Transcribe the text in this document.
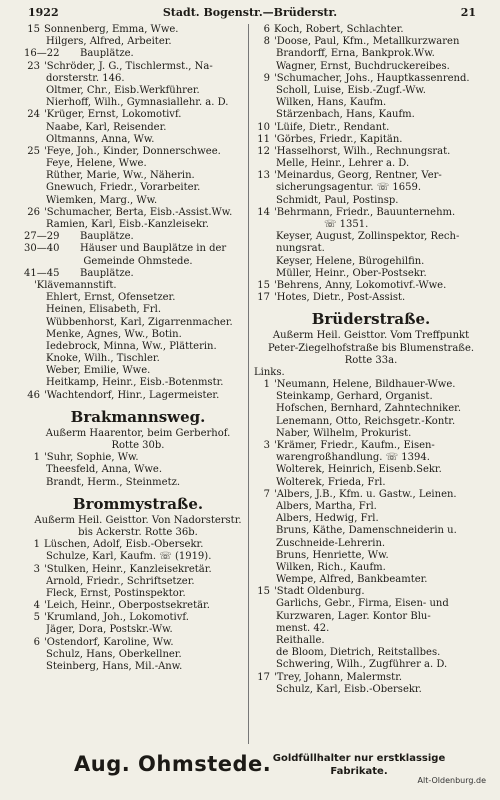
1922	Stadt. Bogenstr.—Brüderstr.	21
15 Sonnenberg, Emma, Wwe.
Hilgers, Alfred, Arbeiter.
16—22	Bauplätze.
23 'Schröder, J. G., Tischlermst., Na-
dorsterstr. 146.
Oltmer, Chr., Eisb.Werkführer.
Nierhoff, Wilh., Gymnasiallehr. a. D.
24 'Krüger, Ernst, Lokomotivf.
Naabe, Karl, Reisender.
Oltmanns, Anna, Ww.
25 'Feye, Joh., Kinder, Donnerschwee.
Feye, Helene, Wwe.
Rüther, Marie, Ww., Näherin.
Gnewuch, Friedr., Vorarbeiter.
Wiemken, Marg., Ww.
26 'Schumacher, Berta, Eisb.-Assist.Ww.
Ramien, Karl, Eisb.-Kanzleisekr.
27—29	Bauplätze.
30—40	Häuser und Bauplätze in der
Gemeinde Ohmstede.
41—45	Bauplätze.
'Klävemannstift.
Ehlert, Ernst, Ofensetzer.
Heinen, Elisabeth, Frl.
Wübbenhorst, Karl, Zigarrenmacher.
Menke, Agnes, Ww., Botin.
Iedebrock, Minna, Ww., Plätterin.
Knoke, Wilh., Tischler.
Weber, Emilie, Wwe.
Heitkamp, Heinr., Eisb.-Botenmstr.
46 'Wachtendorf, Hinr., Lagermeister.
Brakmannsweg.
Außerm Haarentor, beim Gerberhof.
Rotte 30b.
1 'Suhr, Sophie, Ww.
Theesfeld, Anna, Wwe.
Brandt, Herm., Steinmetz.
Brommystraße.
Außerm Heil. Geisttor. Von Nadorsterstr.
bis Ackerstr. Rotte 36b.
1 Lüschen, Adolf, Eisb.-Obersekr.
Schulze, Karl, Kaufm. ☏ (1919).
3 'Stulken, Heinr., Kanzleisekretär.
Arnold, Friedr., Schriftsetzer.
Fleck, Ernst, Postinspektor.
4 'Leich, Heinr., Oberpostsekretär.
5 'Krumland, Joh., Lokomotivf.
Jäger, Dora, Postskr.-Ww.
6 'Ostendorf, Karoline, Ww.
Schulz, Hans, Oberkellner.
Steinberg, Hans, Mil.-Anw.
6 Koch, Robert, Schlachter.
8 'Doose, Paul, Kfm., Metallkurzwaren
Brandorff, Erna, Bankprok.Ww.
Wagner, Ernst, Buchdruckereibes.
9 'Schumacher, Johs., Hauptkassenrend.
Scholl, Luise, Eisb.-Zugf.-Ww.
Wilken, Hans, Kaufm.
Stärzenbach, Hans, Kaufm.
10 'Lüife, Dietr., Rendant.
11 'Görbes, Friedr., Kapitän.
12 'Hasselhorst, Wilh., Rechnungsrat.
Melle, Heinr., Lehrer a. D.
13 'Meinardus, Georg, Rentner, Ver-
sicherungsagentur. ☏ 1659.
Schmidt, Paul, Postinsp.
14 'Behrmann, Friedr., Bauunternehm.
☏ 1351.
Keyser, August, Zollinspektor, Rech-
nungsrat.
Keyser, Helene, Bürogehilfin.
Müller, Heinr., Ober-Postsekr.
15 'Behrens, Anny, Lokomotivf.-Wwe.
17 'Hotes, Dietr., Post-Assist.
Brüderstraße.
Außerm Heil. Geisttor. Vom Treffpunkt
Peter-Ziegelhofstraße bis Blumenstraße.
Rotte 33a.
Links.
1 'Neumann, Helene, Bildhauer-Wwe.
Steinkamp, Gerhard, Organist.
Hofschen, Bernhard, Zahntechniker.
Lenemann, Otto, Reichsgetr.-Kontr.
Naber, Wilhelm, Prokurist.
3 'Krämer, Friedr., Kaufm., Eisen-
warengroßhandlung. ☏ 1394.
Wolterek, Heinrich, Eisenb.Sekr.
Wolterek, Frieda, Frl.
7 'Albers, J.B., Kfm. u. Gastw., Leinen.
Albers, Martha, Frl.
Albers, Hedwig, Frl.
Bruns, Käthe, Damenschneiderin u.
Zuschneide-Lehrerin.
Bruns, Henriette, Ww.
Wilken, Rich., Kaufm.
Wempe, Alfred, Bankbeamter.
15 'Stadt Oldenburg.
Garlichs, Gebr., Firma, Eisen- und
Kurzwaren, Lager. Kontor Blu-
menst. 42.
Reithalle.
de Bloom, Dietrich, Reitstallbes.
Schwering, Wilh., Zugführer a. D.
17 'Trey, Johann, Malermstr.
Schulz, Karl, Eisb.-Obersekr.
Aug. Ohmstede. Goldfüllhalter nur erstklassige
Fabrikate.
Alt-Oldenburg.de
